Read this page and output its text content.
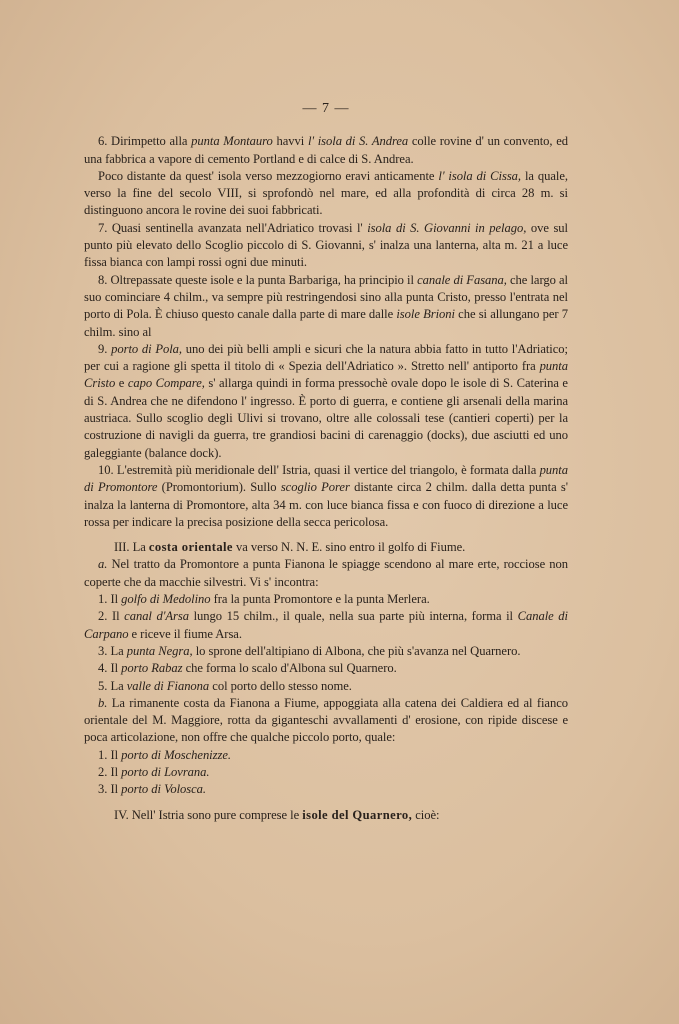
— 7 —

6. Dirimpetto alla punta Montauro havvi l' isola di S. Andrea colle rovine d' un convento, ed una fabbrica a vapore di cemento Portland e di calce di S. Andrea.

Poco distante da quest' isola verso mezzogiorno eravi anticamente l' isola di Cissa, la quale, verso la fine del secolo VIII, si sprofondò nel mare, ed alla profondità di circa 28 m. si distinguono ancora le rovine dei suoi fabbricati.

7. Quasi sentinella avanzata nell'Adriatico trovasi l' isola di S. Giovanni in pelago, ove sul punto più elevato dello Scoglio piccolo di S. Giovanni, s' inalza una lanterna, alta m. 21 a luce fissa bianca con lampi rossi ogni due minuti.

8. Oltrepassate queste isole e la punta Barbariga, ha principio il canale di Fasana, che largo al suo cominciare 4 chilm., va sempre più restringendosi sino alla punta Cristo, presso l'entrata nel porto di Pola. È chiuso questo canale dalla parte di mare dalle isole Brioni che si allungano per 7 chilm. sino al

9. porto di Pola, uno dei più belli ampli e sicuri che la natura abbia fatto in tutto l'Adriatico; per cui a ragione gli spetta il titolo di « Spezia dell'Adriatico ». Stretto nell' antiporto fra punta Cristo e capo Compare, s' allarga quindi in forma pressochè ovale dopo le isole di S. Caterina e di S. Andrea che ne difendono l' ingresso. È porto di guerra, e contiene gli arsenali della marina austriaca. Sullo scoglio degli Ulivi si trovano, oltre alle colossali tese (cantieri coperti) per la costruzione di navigli da guerra, tre grandiosi bacini di carenaggio (docks), due asciutti ed uno galeggiante (balance dock).

10. L'estremità più meridionale dell' Istria, quasi il vertice del triangolo, è formata dalla punta di Promontore (Promontorium). Sullo scoglio Porer distante circa 2 chilm. dalla detta punta s' inalza la lanterna di Promontore, alta 34 m. con luce bianca fissa e con fuoco di direzione a luce rossa per indicare la precisa posizione della secca pericolosa.

III. La costa orientale va verso N. N. E. sino entro il golfo di Fiume.

a. Nel tratto da Promontore a punta Fianona le spiagge scendono al mare erte, rocciose non coperte che da macchie silvestri. Vi s' incontra:

1. Il golfo di Medolino fra la punta Promontore e la punta Merlera.

2. Il canal d'Arsa lungo 15 chilm., il quale, nella sua parte più interna, forma il Canale di Carpano e riceve il fiume Arsa.

3. La punta Negra, lo sprone dell'altipiano di Albona, che più s'avanza nel Quarnero.

4. Il porto Rabaz che forma lo scalo d'Albona sul Quarnero.

5. La valle di Fianona col porto dello stesso nome.

b. La rimanente costa da Fianona a Fiume, appoggiata alla catena dei Caldiera ed al fianco orientale del M. Maggiore, rotta da giganteschi avvallamenti d' erosione, con ripide discese e poca articolazione, non offre che qualche piccolo porto, quale:

1. Il porto di Moschenizze.

2. Il porto di Lovrana.

3. Il porto di Volosca.

IV. Nell' Istria sono pure comprese le isole del Quarnero, cioè:
